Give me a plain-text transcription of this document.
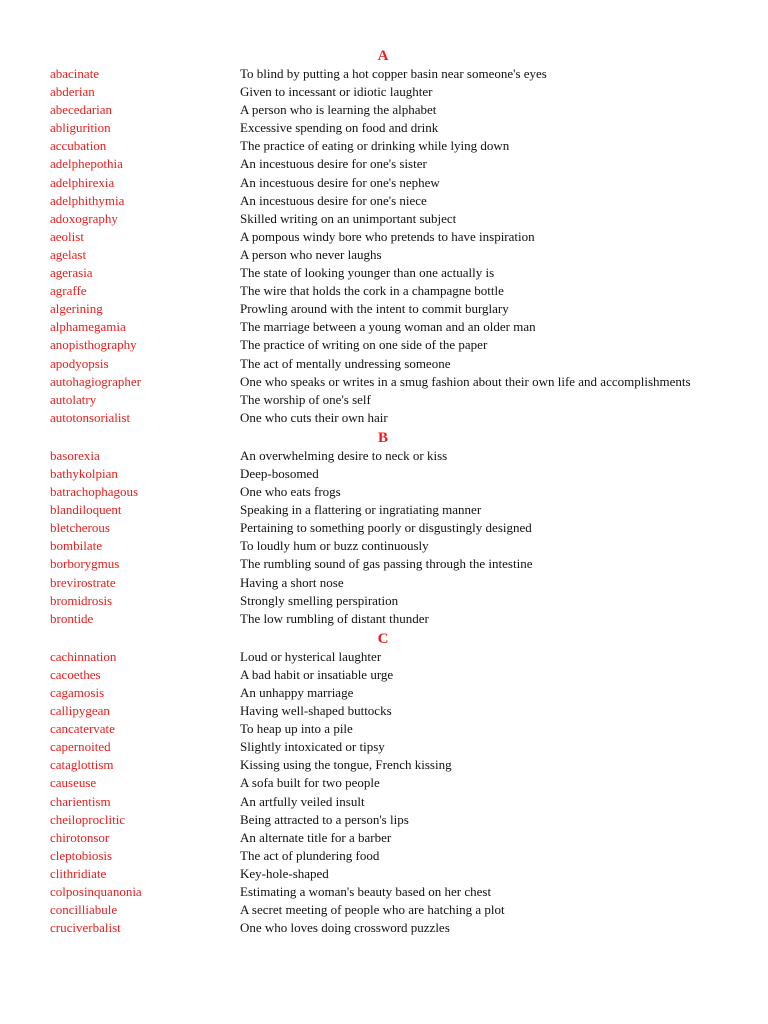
A
abacinate	To blind by putting a hot copper basin near someone's eyes
abderian	Given to incessant or idiotic laughter
abecedarian	A person who is learning the alphabet
abligurition	Excessive spending on food and drink
accubation	The practice of eating or drinking while lying down
adelphepothia	An incestuous desire for one's sister
adelphirexia	An incestuous desire for one's nephew
adelphithymia	An incestuous desire for one's niece
adoxography	Skilled writing on an unimportant subject
aeolist	A pompous windy bore who pretends to have inspiration
agelast	A person who never laughs
agerasia	The state of looking younger than one actually is
agraffe	The wire that holds the cork in a champagne bottle
algerining	Prowling around with the intent to commit burglary
alphamegamia	The marriage between a young woman and an older man
anopisthography	The practice of writing on one side of the paper
apodyopsis	The act of mentally undressing someone
autohagiographer	One who speaks or writes in a smug fashion about their own life and accomplishments
autolatry	The worship of one's self
autotonsorialist	One who cuts their own hair
B
basorexia	An overwhelming desire to neck or kiss
bathykolpian	Deep-bosomed
batrachophagous	One who eats frogs
blandiloquent	Speaking in a flattering or ingratiating manner
bletcherous	Pertaining to something poorly or disgustingly designed
bombilate	To loudly hum or buzz continuously
borborygmus	The rumbling sound of gas passing through the intestine
brevirostrate	Having a short nose
bromidrosis	Strongly smelling perspiration
brontide	The low rumbling of distant thunder
C
cachinnation	Loud or hysterical laughter
cacoethes	A bad habit or insatiable urge
cagamosis	An unhappy marriage
callipygean	Having well-shaped buttocks
cancatervate	To heap up into a pile
capernoited	Slightly intoxicated or tipsy
cataglottism	Kissing using the tongue, French kissing
causeuse	A sofa built for two people
charientism	An artfully veiled insult
cheiloproclitic	Being attracted to a person's lips
chirotonsor	An alternate title for a barber
cleptobiosis	The act of plundering food
clithridiate	Key-hole-shaped
colposinquanonia	Estimating a woman's beauty based on her chest
concilliabule	A secret meeting of people who are hatching a plot
cruciverbalist	One who loves doing crossword puzzles
